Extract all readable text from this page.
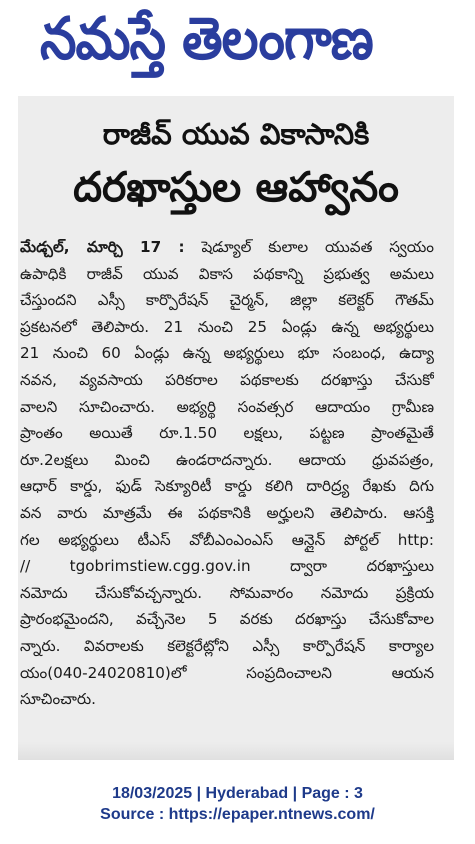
నమస్తే తెలంగాణ
రాజీవ్ యువ వికాసానికి
దరఖాస్తుల ఆహ్వానం
మేడ్చల్, మార్చి 17 : షెడ్యూల్ కులాల యువత స్వయం
ఉపాధికి రాజీవ్ యువ వికాస పథకాన్ని ప్రభుత్వ అమలు
చేస్తుందని ఎస్సీ కార్పొరేషన్ చైర్మన్, జిల్లా కలెక్టర్ గౌతమ్
ప్రకటనలో తెలిపారు. 21 నుంచి 25 ఏండ్లు ఉన్న అభ్యర్థులు
21 నుంచి 60 ఏండ్లు ఉన్న అభ్యర్థులు భూ సంబంధ, ఉద్యా
నవన, వ్యవసాయ పరికరాల పథకాలకు దరఖాస్తు చేసుకో
వాలని సూచించారు. అభ్యర్థి సంవత్సర ఆదాయం గ్రామీణ
ప్రాంతం అయితే రూ.1.50 లక్షలు, పట్టణ ప్రాంతమైతే
రూ.2లక్షలు మించి ఉండరాదన్నారు. ఆదాయ ధ్రువపత్రం,
ఆధార్ కార్డు, ఫుడ్ సెక్యూరిటీ కార్డు కలిగి దారిద్ర్య రేఖకు దిగు
వన వారు మాత్రమే ఈ పథకానికి అర్హులని తెలిపారు. ఆసక్తి
గల అభ్యర్థులు టీఎస్ వోబీఎంఎంఎస్ ఆన్లైన్ పోర్టల్ http:
// tgobrimstiew.cgg.gov.in ద్వారా దరఖాస్తులు
నమోదు చేసుకోవచ్చన్నారు. సోమవారం నమోదు ప్రక్రియ
ప్రారంభమైందని, వచ్చేనెల 5 వరకు దరఖాస్తు చేసుకోవాల
న్నారు. వివరాలకు కలెక్టరేట్లోని ఎస్సీ కార్పొరేషన్ కార్యాల
యం(040-24020810)లో సంప్రదించాలని ఆయన
సూచించారు.
18/03/2025 | Hyderabad | Page : 3
Source : https://epaper.ntnews.com/
